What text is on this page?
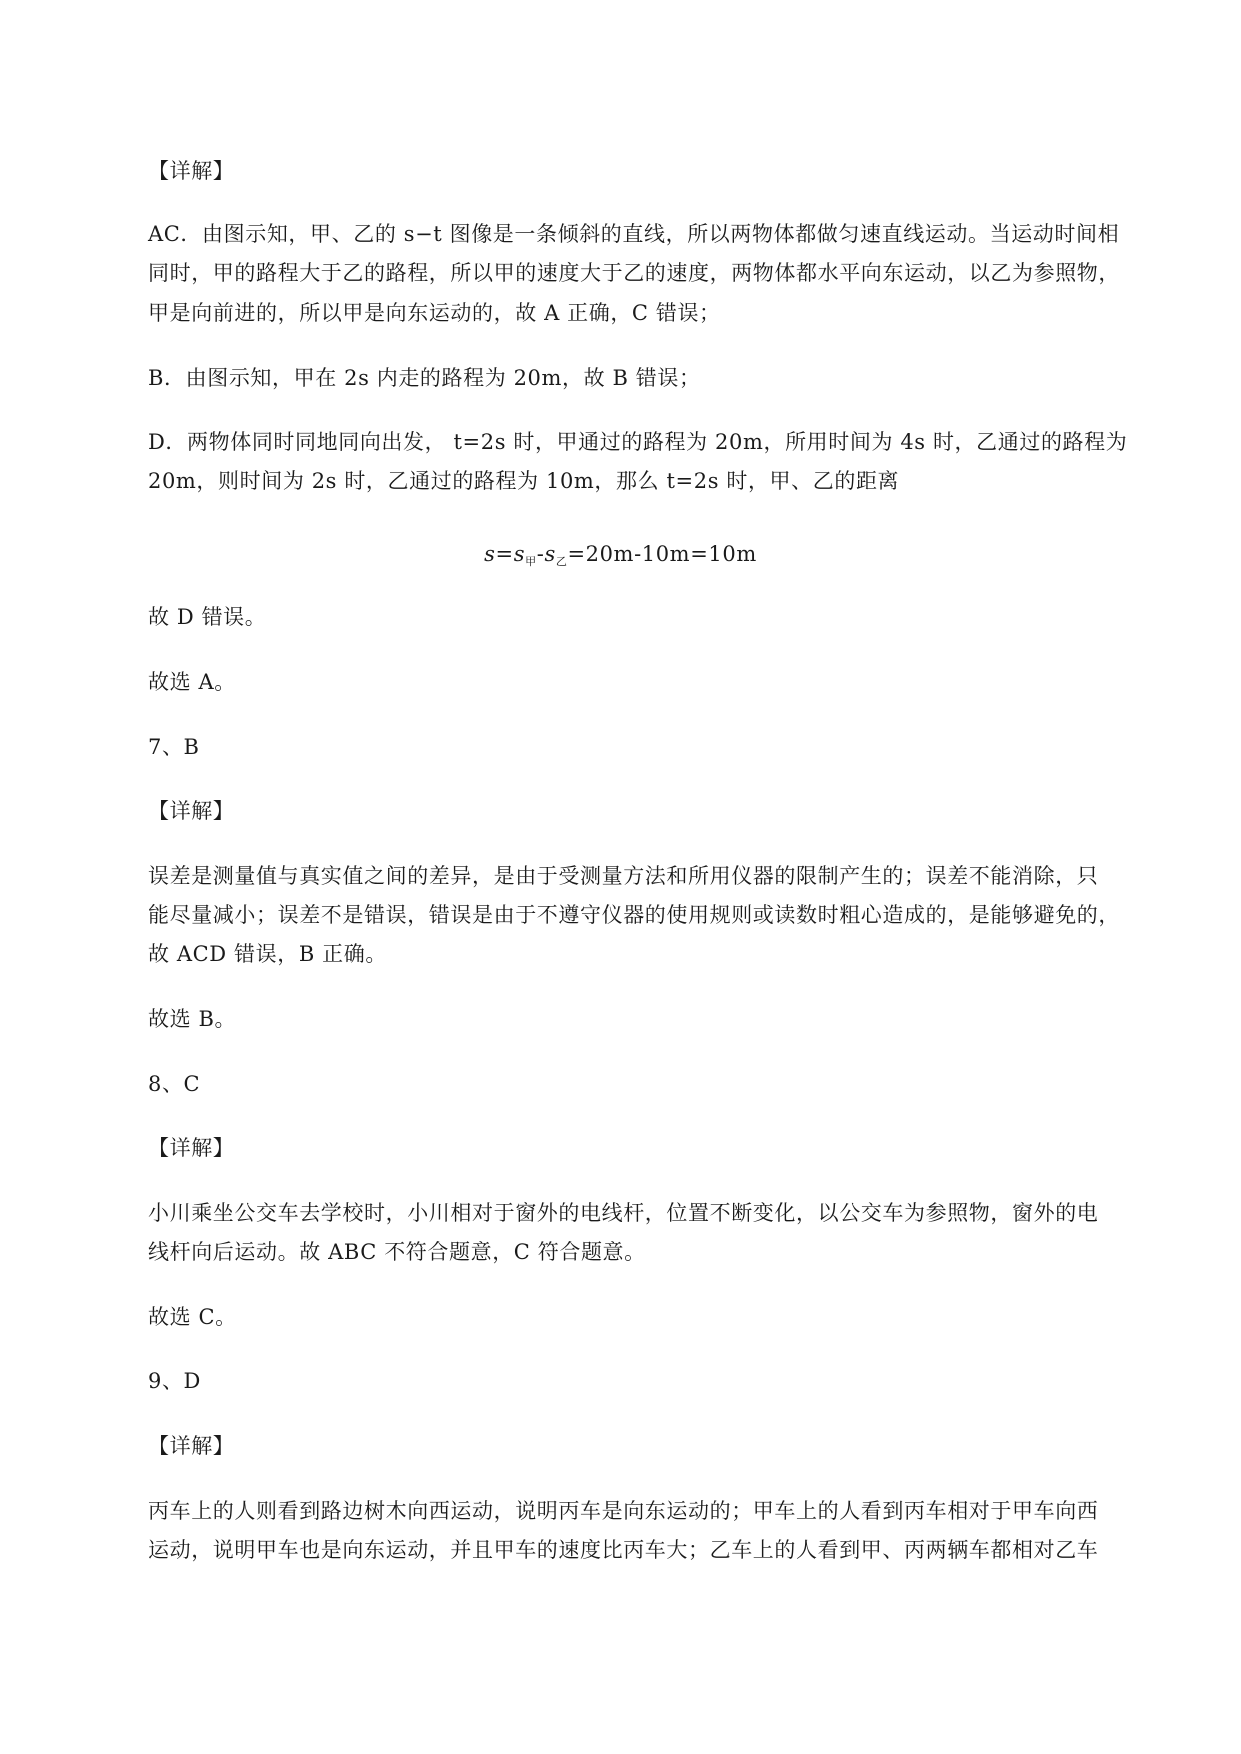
【详解】
AC．由图示知，甲、乙的 s−t 图像是一条倾斜的直线，所以两物体都做匀速直线运动。当运动时间相
同时，甲的路程大于乙的路程，所以甲的速度大于乙的速度，两物体都水平向东运动，以乙为参照物，
甲是向前进的，所以甲是向东运动的，故 A 正确，C 错误；
B．由图示知，甲在 2s 内走的路程为 20m，故 B 错误；
D．两物体同时同地同向出发， t=2s 时，甲通过的路程为 20m，所用时间为 4s 时，乙通过的路程为
20m，则时间为 2s 时，乙通过的路程为 10m，那么 t=2s 时，甲、乙的距离
$s=s_甲-s_乙=20m-10m=10m$
故 D 错误。
故选 A。
7、B
【详解】
误差是测量值与真实值之间的差异，是由于受测量方法和所用仪器的限制产生的；误差不能消除，只
能尽量减小；误差不是错误，错误是由于不遵守仪器的使用规则或读数时粗心造成的，是能够避免的，
故 ACD 错误，B 正确。
故选 B。
8、C
【详解】
小川乘坐公交车去学校时，小川相对于窗外的电线杆，位置不断变化，以公交车为参照物，窗外的电
线杆向后运动。故 ABC 不符合题意，C 符合题意。
故选 C。
9、D
【详解】
丙车上的人则看到路边树木向西运动，说明丙车是向东运动的；甲车上的人看到丙车相对于甲车向西
运动，说明甲车也是向东运动，并且甲车的速度比丙车大；乙车上的人看到甲、丙两辆车都相对乙车
